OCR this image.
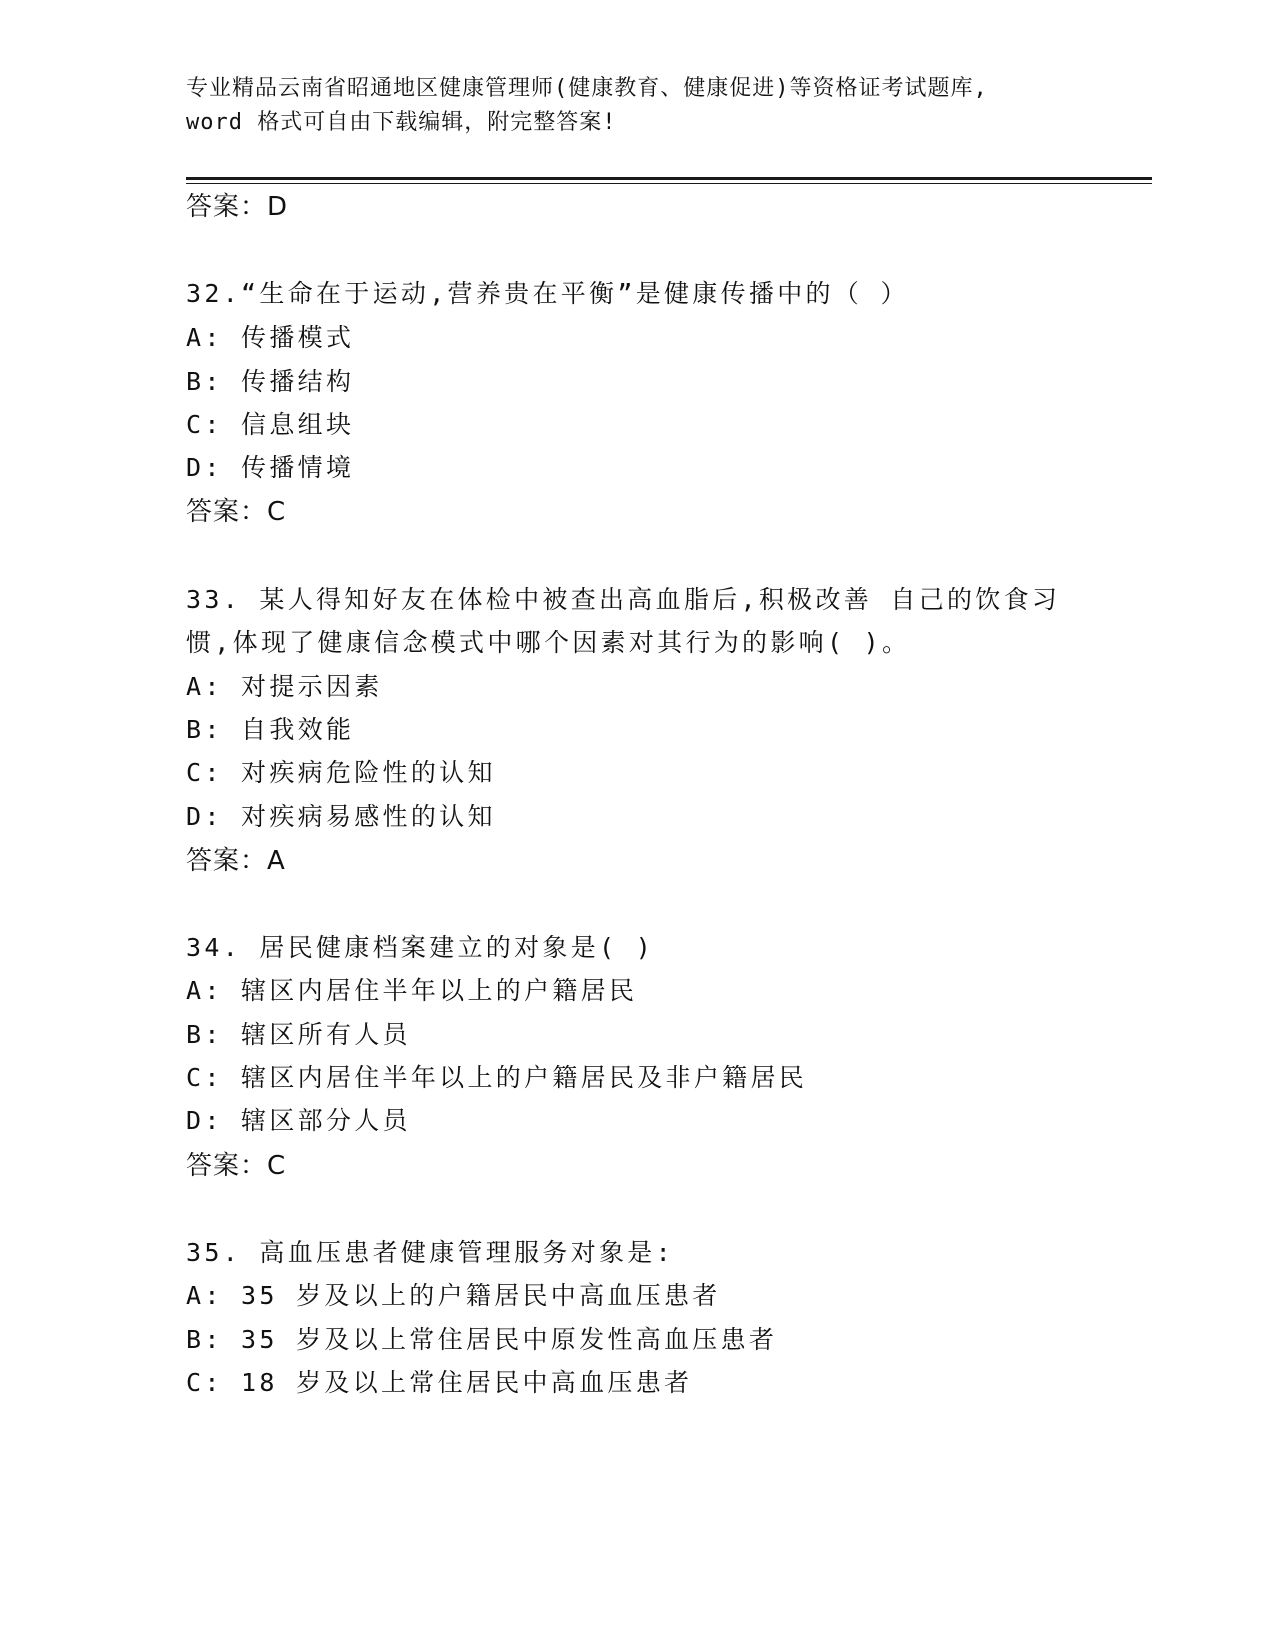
专业精品云南省昭通地区健康管理师(健康教育、健康促进)等资格证考试题库,
word 格式可自由下载编辑，附完整答案!
答案：D
32.“生命在于运动,营养贵在平衡”是健康传播中的（ ）
A: 传播模式
B: 传播结构
C: 信息组块
D: 传播情境
答案：C
33. 某人得知好友在体检中被查出高血脂后,积极改善 自己的饮食习
惯,体现了健康信念模式中哪个因素对其行为的影响( )。
A: 对提示因素
B: 自我效能
C: 对疾病危险性的认知
D: 对疾病易感性的认知
答案：A
34. 居民健康档案建立的对象是( )
A: 辖区内居住半年以上的户籍居民
B: 辖区所有人员
C: 辖区内居住半年以上的户籍居民及非户籍居民
D: 辖区部分人员
答案：C
35. 高血压患者健康管理服务对象是:
A: 35 岁及以上的户籍居民中高血压患者
B: 35 岁及以上常住居民中原发性高血压患者
C: 18 岁及以上常住居民中高血压患者
